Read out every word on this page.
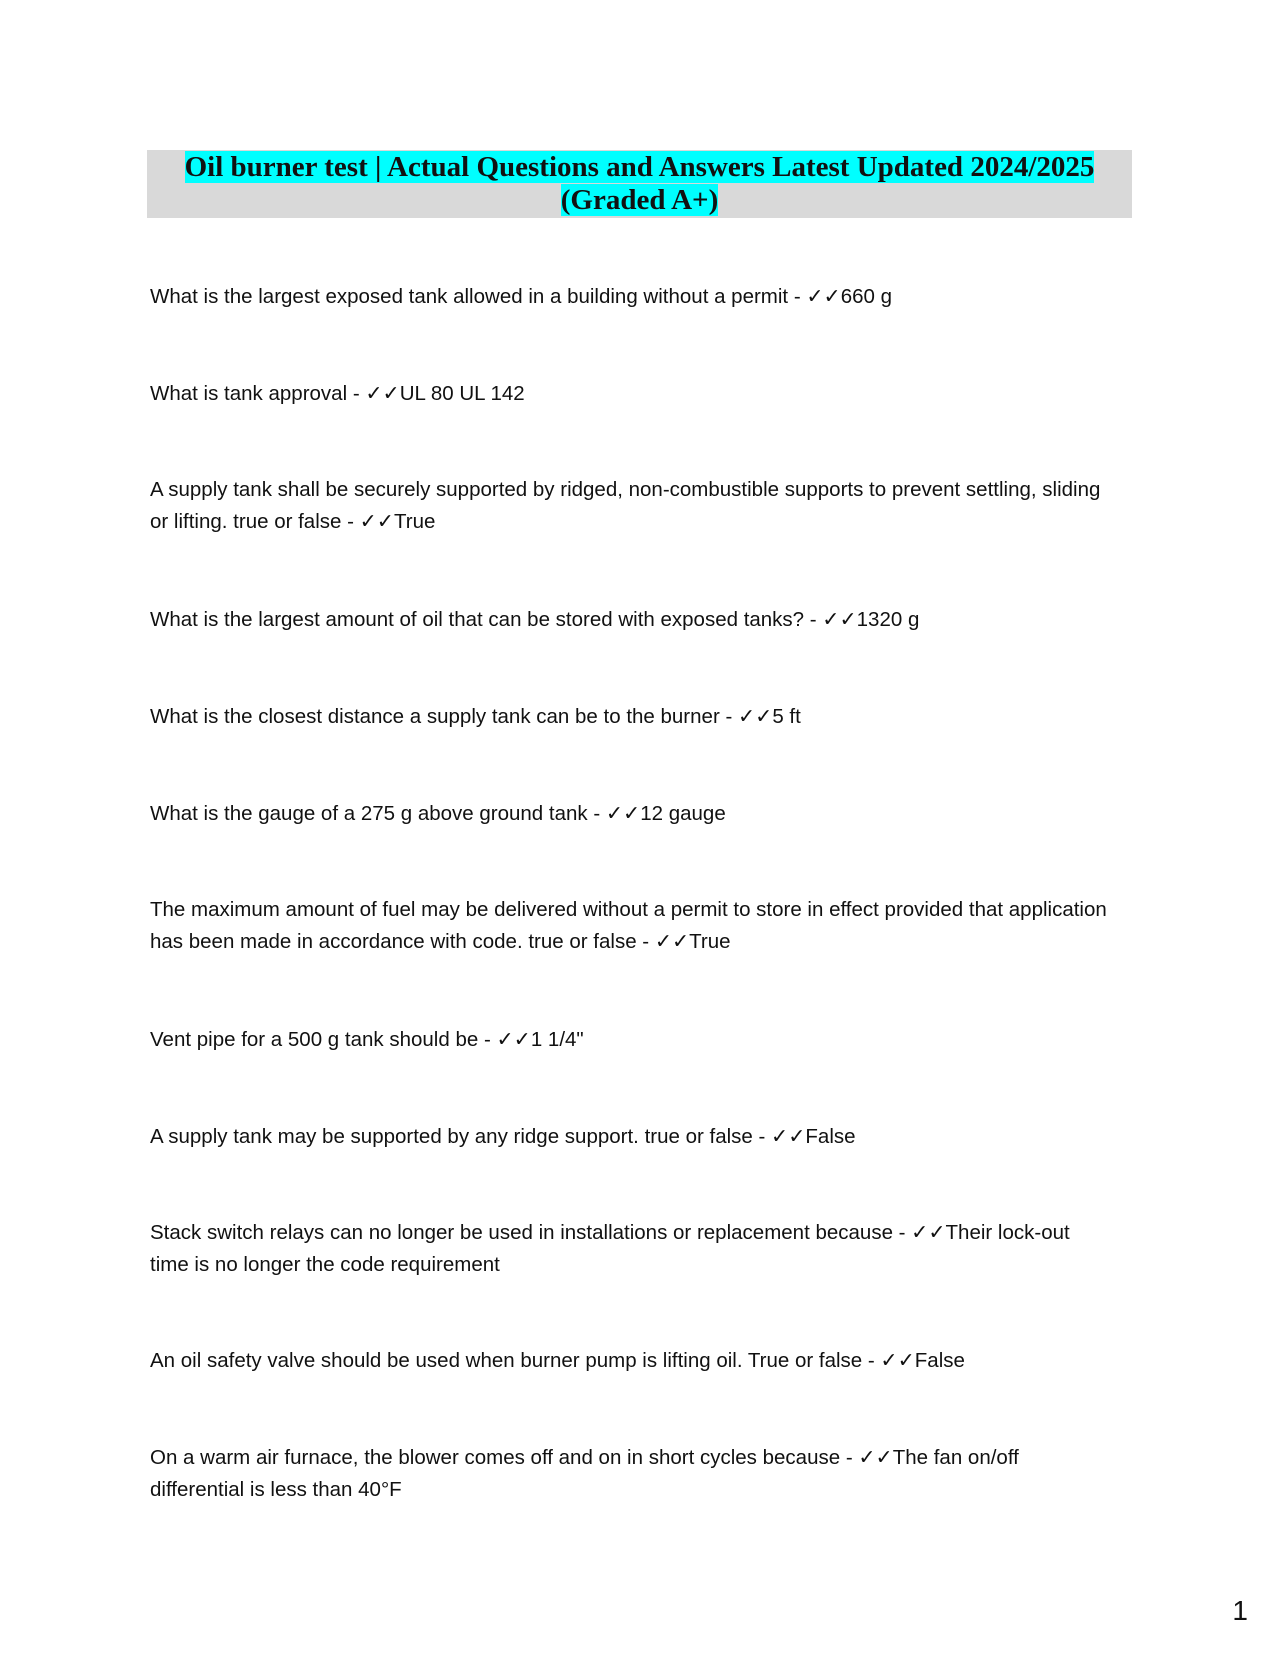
Oil burner test | Actual Questions and Answers Latest Updated 2024/2025
(Graded A+)

What is the largest exposed tank allowed in a building without a permit - ✓✓660 g

What is tank approval - ✓✓UL 80 UL 142

A supply tank shall be securely supported by ridged, non-combustible supports to prevent settling, sliding or lifting. true or false - ✓✓True

What is the largest amount of oil that can be stored with exposed tanks? - ✓✓1320 g

What is the closest distance a supply tank can be to the burner - ✓✓5 ft

What is the gauge of a 275 g above ground tank - ✓✓12 gauge

The maximum amount of fuel may be delivered without a permit to store in effect provided that application has been made in accordance with code. true or false - ✓✓True

Vent pipe for a 500 g tank should be - ✓✓1 1/4"

A supply tank may be supported by any ridge support. true or false - ✓✓False

Stack switch relays can no longer be used in installations or replacement because - ✓✓Their lock-out time is no longer the code requirement

An oil safety valve should be used when burner pump is lifting oil. True or false - ✓✓False

On a warm air furnace, the blower comes off and on in short cycles because - ✓✓The fan on/off differential is less than 40°F

1
